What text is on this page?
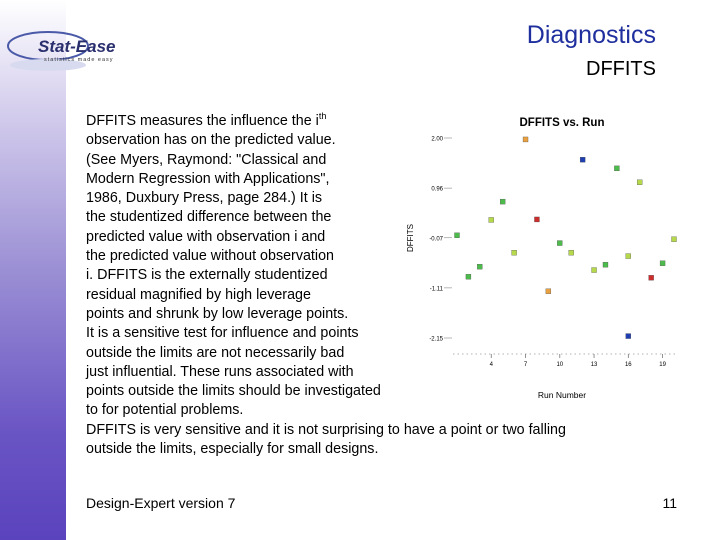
Stat-Ease
statistics made easy
Diagnostics
DFFITS
DFFITS measures the influence the $i^{th}$
observation has on the predicted value.
(See Myers, Raymond: "Classical and
Modern Regression with Applications",
1986, Duxbury Press, page 284.) It is
the studentized difference between the
predicted value with observation i and
the predicted value without observation
i. DFFITS is the externally studentized
residual magnified by high leverage
points and shrunk by low leverage points.
It is a sensitive test for influence and points
outside the limits are not necessarily bad
just influential. These runs associated with
points outside the limits should be investigated
to for potential problems.
DFFITS is very sensitive and it is not surprising to have a point or two falling
outside the limits, especially for small designs.
DFFITS vs. Run
DFFITS
Run Number
2.00
0.96
-0.07
-1.11
-2.15
4	7	10	13	16	19
Design-Expert version 7	11
